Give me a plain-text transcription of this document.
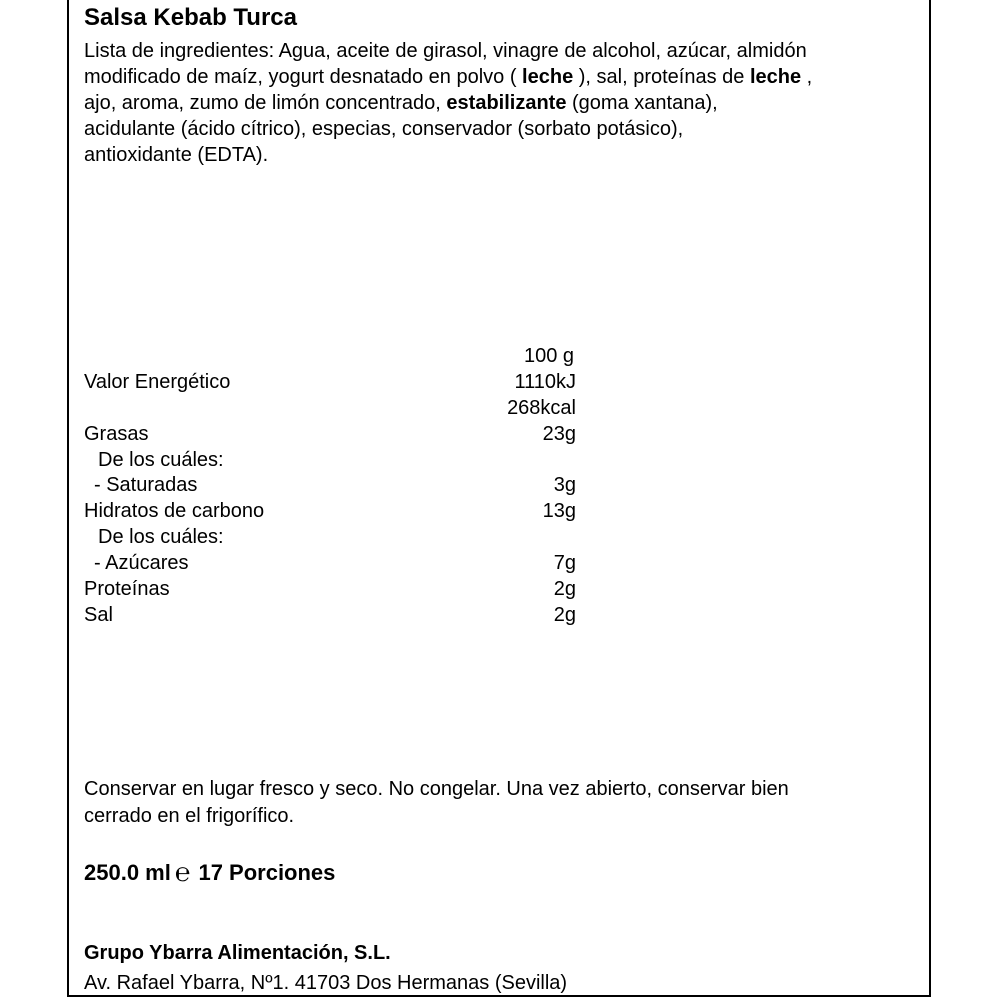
Salsa Kebab Turca
Lista de ingredientes: Agua, aceite de girasol, vinagre de alcohol, azúcar, almidón
modificado de maíz, yogurt desnatado en polvo ( leche ), sal, proteínas de leche ,
ajo, aroma, zumo de limón concentrado, estabilizante (goma xantana),
acidulante (ácido cítrico), especias, conservador (sorbato potásico),
antioxidante (EDTA).
100 g
Valor Energético	1110kJ
268kcal
Grasas	23g
De los cuáles:
- Saturadas	3g
Hidratos de carbono	13g
De los cuáles:
- Azúcares	7g
Proteínas	2g
Sal	2g
Conservar en lugar fresco y seco. No congelar. Una vez abierto, conservar bien
cerrado en el frigorífico.
250.0 ml ℮ 17 Porciones
Grupo Ybarra Alimentación, S.L.
Av. Rafael Ybarra, Nº1. 41703 Dos Hermanas (Sevilla)
